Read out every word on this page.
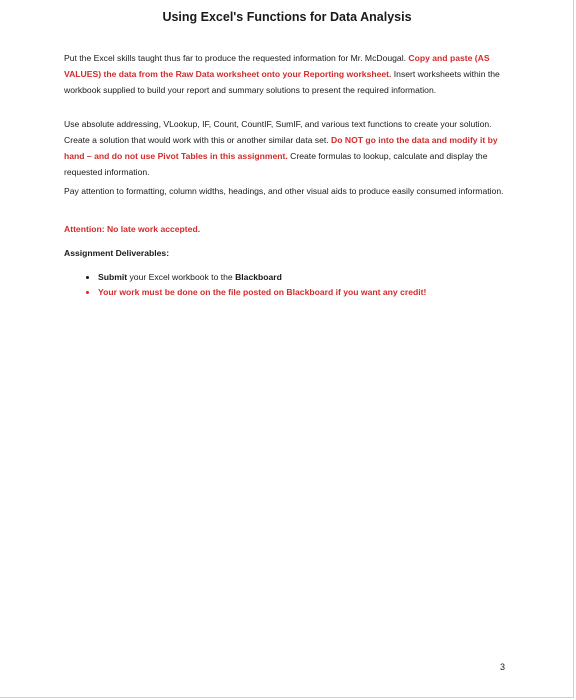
Using Excel's Functions for Data Analysis

Put the Excel skills taught thus far to produce the requested information for Mr. McDougal. Copy and paste (AS VALUES) the data from the Raw Data worksheet onto your Reporting worksheet. Insert worksheets within the workbook supplied to build your report and summary solutions to present the required information.

Use absolute addressing, VLookup, IF, Count, CountIF, SumIF, and various text functions to create your solution. Create a solution that would work with this or another similar data set. Do NOT go into the data and modify it by hand – and do not use Pivot Tables in this assignment. Create formulas to lookup, calculate and display the requested information.

Pay attention to formatting, column widths, headings, and other visual aids to produce easily consumed information.

Attention: No late work accepted.
Assignment Deliverables:
• Submit your Excel workbook to the Blackboard
• Your work must be done on the file posted on Blackboard if you want any credit!
3
